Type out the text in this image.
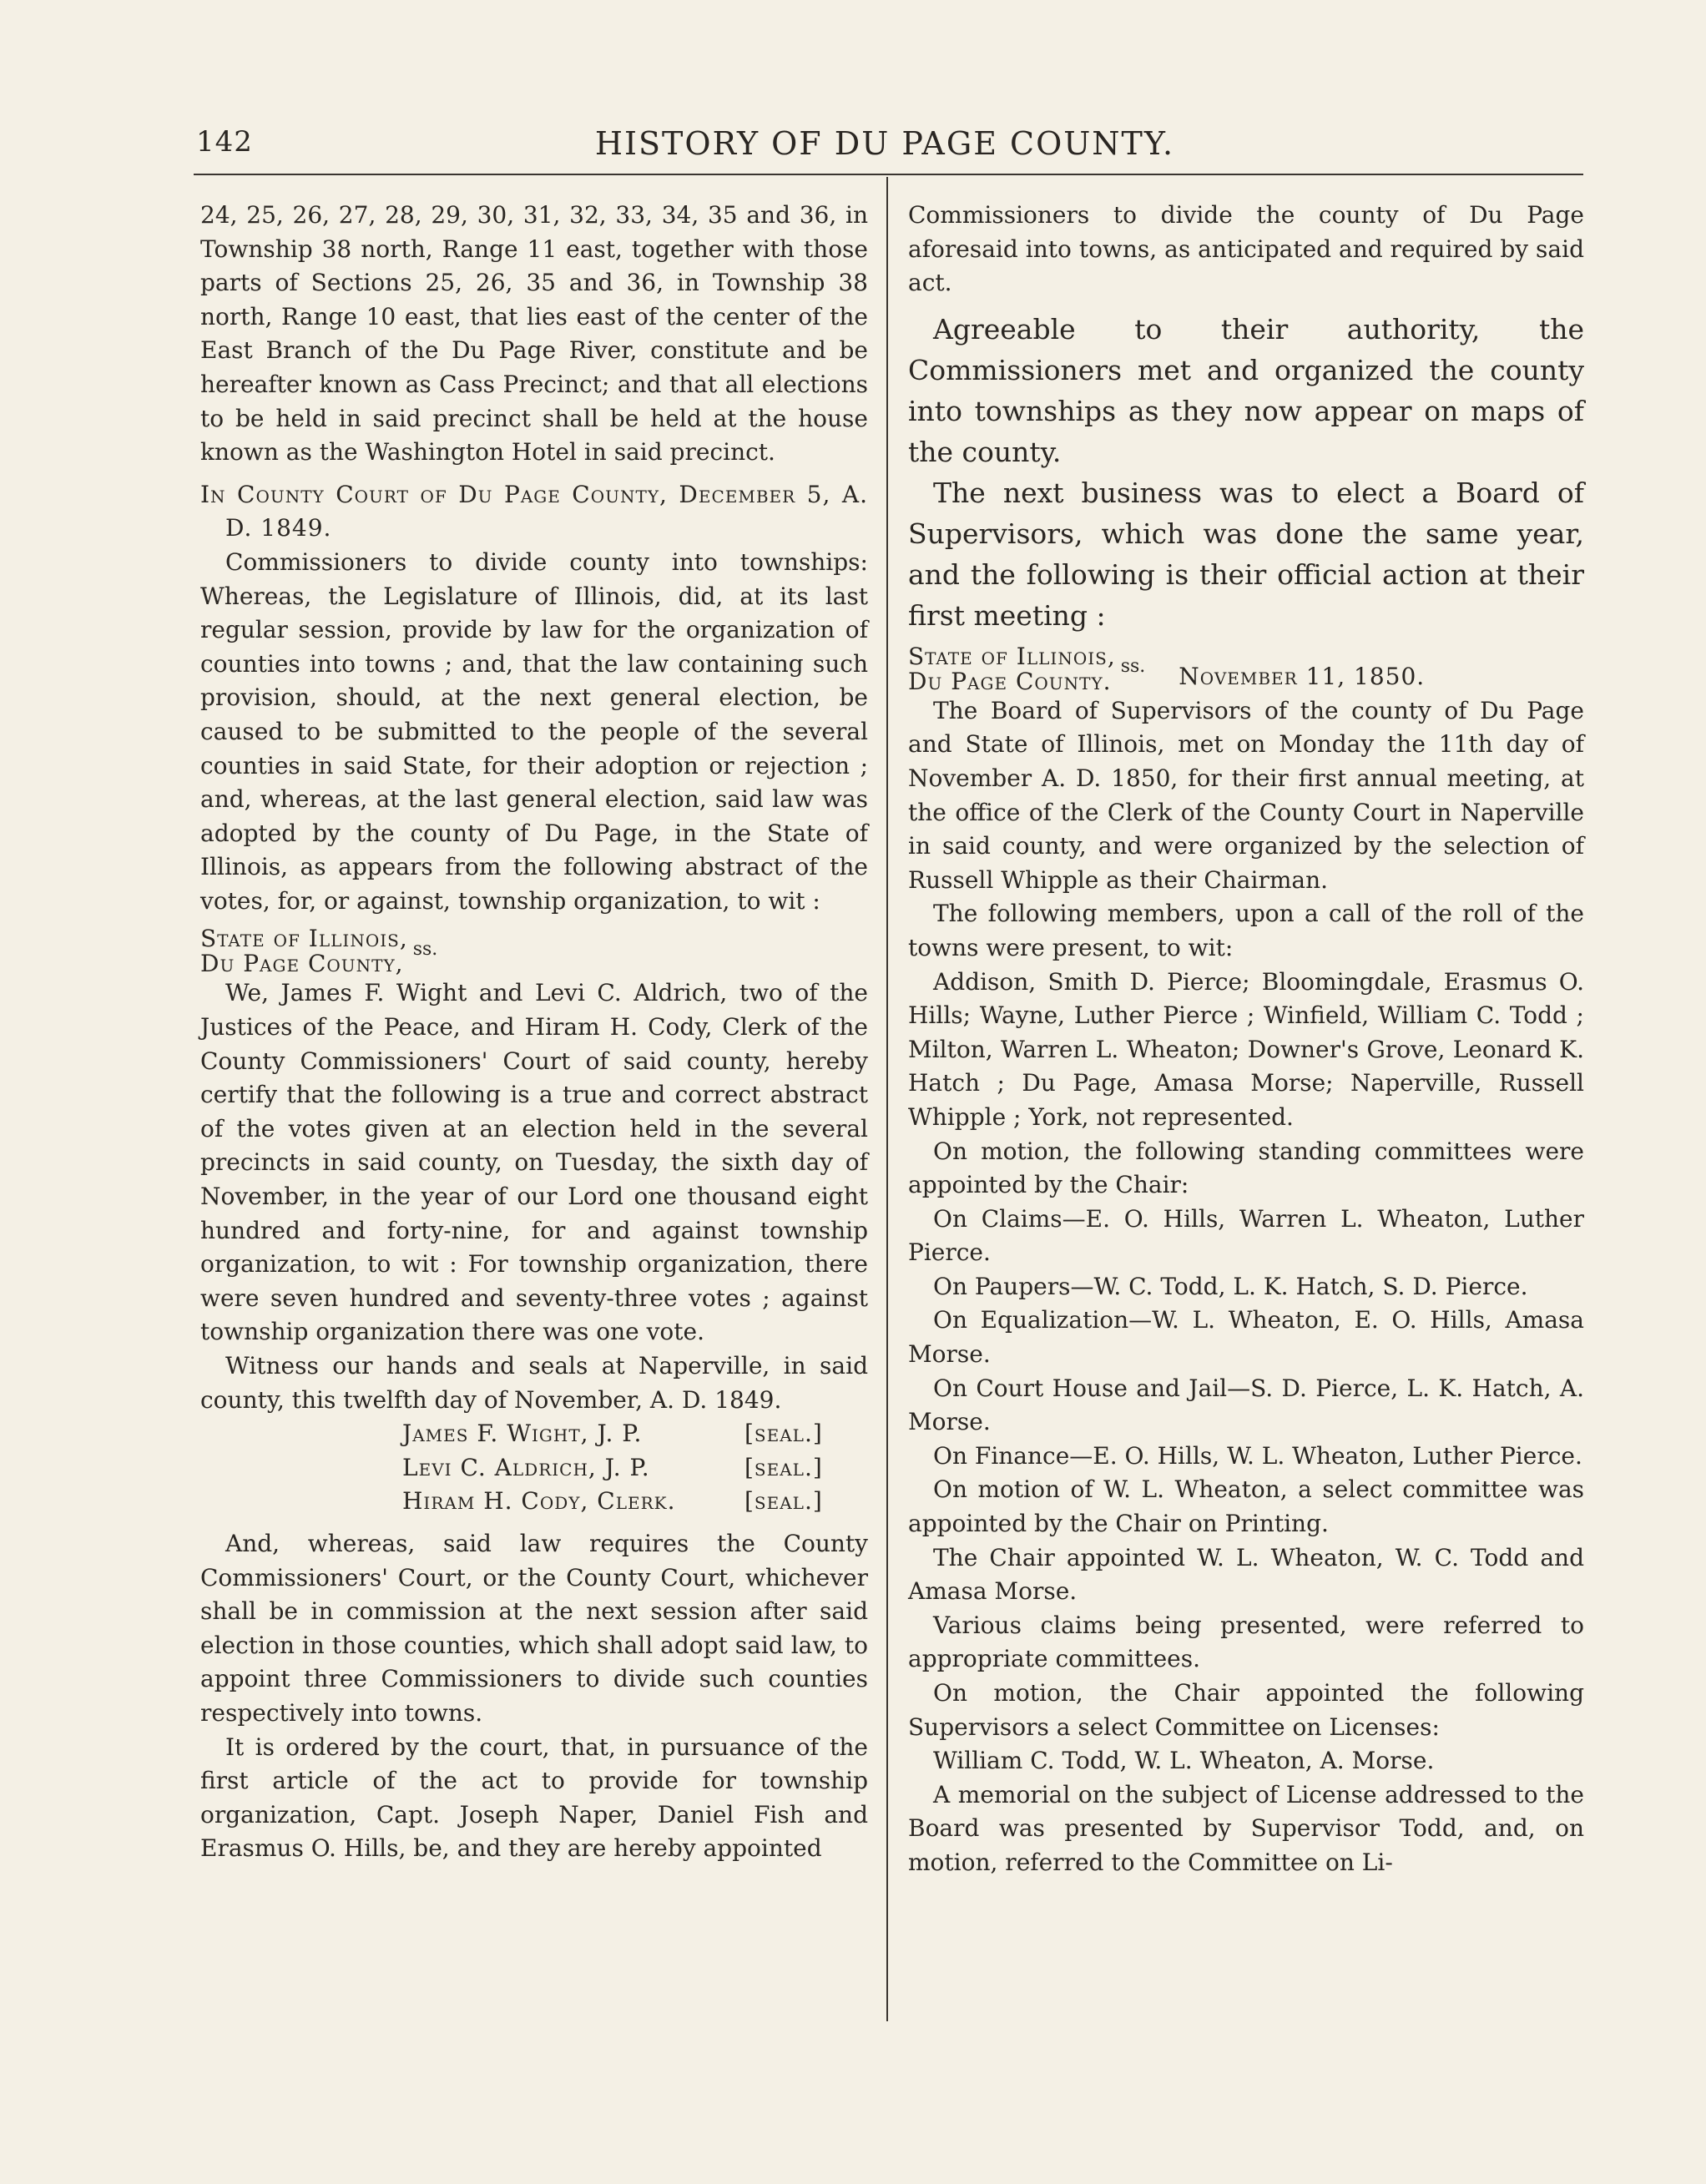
142	HISTORY OF DU PAGE COUNTY.

24, 25, 26, 27, 28, 29, 30, 31, 32, 33, 34, 35 and 36, in Township 38 north, Range 11 east, together with those parts of Sections 25, 26, 35 and 36, in Township 38 north, Range 10 east, that lies east of the center of the East Branch of the Du Page River, constitute and be hereafter known as Cass Precinct; and that all elections to be held in said precinct shall be held at the house known as the Washington Hotel in said precinct.

In County Court of Du Page County, December 5, A. D. 1849.

Commissioners to divide county into townships: Whereas, the Legislature of Illinois, did, at its last regular session, provide by law for the organization of counties into towns ; and, that the law containing such provision, should, at the next general election, be caused to be submitted to the people of the several counties in said State, for their adoption or rejection ; and, whereas, at the last general election, said law was adopted by the county of Du Page, in the State of Illinois, as appears from the following abstract of the votes, for, or against, township organization, to wit :

State of Illinois,
Du Page County,
ss.

We, James F. Wight and Levi C. Aldrich, two of the Justices of the Peace, and Hiram H. Cody, Clerk of the County Commissioners' Court of said county, hereby certify that the following is a true and correct abstract of the votes given at an election held in the several precincts in said county, on Tuesday, the sixth day of November, in the year of our Lord one thousand eight hundred and forty-nine, for and against township organization, to wit : For township organization, there were seven hundred and seventy-three votes ; against township organization there was one vote.

Witness our hands and seals at Naperville, in said county, this twelfth day of November, A. D. 1849.

James F. Wight, J. P.	[seal.]
Levi C. Aldrich, J. P.	[seal.]
Hiram H. Cody, Clerk.	[seal.]

And, whereas, said law requires the County Commissioners' Court, or the County Court, whichever shall be in commission at the next session after said election in those counties, which shall adopt said law, to appoint three Commissioners to divide such counties respectively into towns.

It is ordered by the court, that, in pursuance of the first article of the act to provide for township organization, Capt. Joseph Naper, Daniel Fish and Erasmus O. Hills, be, and they are hereby appointed

Commissioners to divide the county of Du Page aforesaid into towns, as anticipated and required by said act.

Agreeable to their authority, the Commissioners met and organized the county into townships as they now appear on maps of the county.

The next business was to elect a Board of Supervisors, which was done the same year, and the following is their official action at their first meeting :

State of Illinois,
Du Page County.
ss. November 11, 1850.

The Board of Supervisors of the county of Du Page and State of Illinois, met on Monday the 11th day of November A. D. 1850, for their first annual meeting, at the office of the Clerk of the County Court in Naperville in said county, and were organized by the selection of Russell Whipple as their Chairman.

The following members, upon a call of the roll of the towns were present, to wit:

Addison, Smith D. Pierce; Bloomingdale, Erasmus O. Hills; Wayne, Luther Pierce ; Winfield, William C. Todd ; Milton, Warren L. Wheaton; Downer's Grove, Leonard K. Hatch ; Du Page, Amasa Morse; Naperville, Russell Whipple ; York, not represented.

On motion, the following standing committees were appointed by the Chair:

On Claims—E. O. Hills, Warren L. Wheaton, Luther Pierce.

On Paupers—W. C. Todd, L. K. Hatch, S. D. Pierce.

On Equalization—W. L. Wheaton, E. O. Hills, Amasa Morse.

On Court House and Jail—S. D. Pierce, L. K. Hatch, A. Morse.

On Finance—E. O. Hills, W. L. Wheaton, Luther Pierce.

On motion of W. L. Wheaton, a select committee was appointed by the Chair on Printing.

The Chair appointed W. L. Wheaton, W. C. Todd and Amasa Morse.

Various claims being presented, were referred to appropriate committees.

On motion, the Chair appointed the following Supervisors a select Committee on Licenses:

William C. Todd, W. L. Wheaton, A. Morse.

A memorial on the subject of License addressed to the Board was presented by Supervisor Todd, and, on motion, referred to the Committee on Li-
